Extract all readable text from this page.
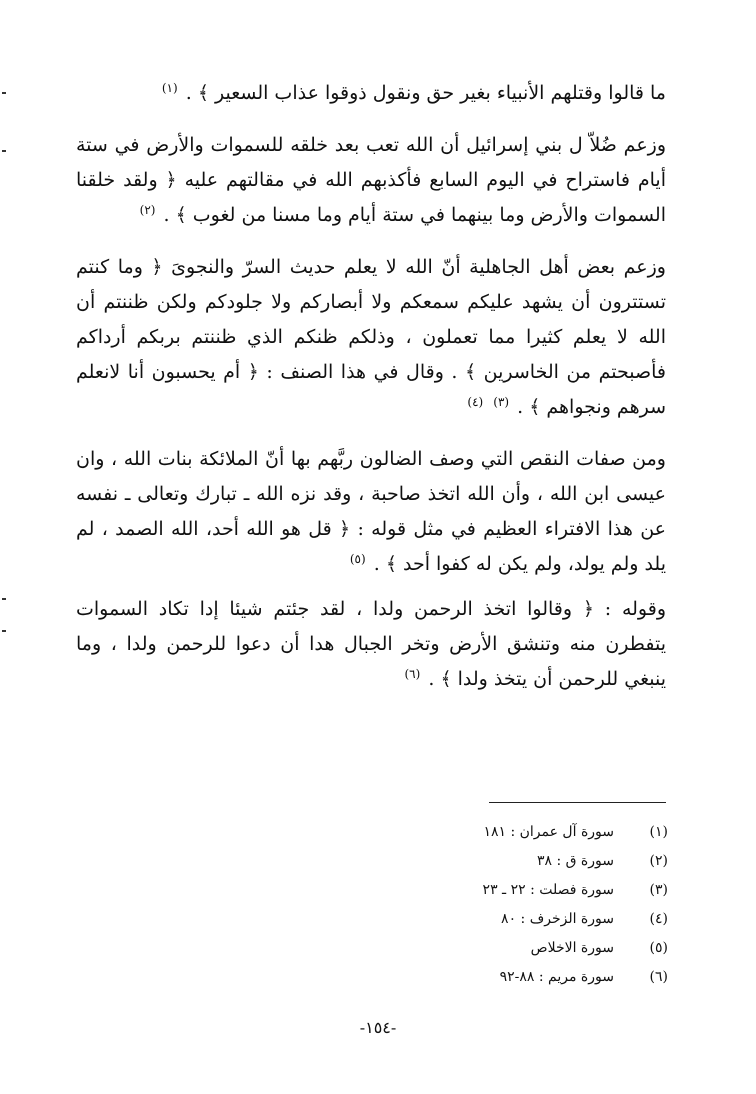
ما قالوا وقتلهم الأنبياء بغير حق ونقول ذوقوا عذاب السعير ﴾ . $^{(١)}$

وزعم ضُلاّ ل بني إسرائيل أن الله تعب بعد خلقه للسموات والأرض في ستة أيام فاستراح في اليوم السابع فأكذبهم الله في مقالتهم عليه ﴿ ولقد خلقنا السموات والأرض وما بينهما في ستة أيام وما مسنا من لغوب ﴾ . $^{(٢)}$

وزعم بعض أهل الجاهلية أنّ الله لا يعلم حديث السرّ والنجوىَ ﴿ وما كنتم تستترون أن يشهد عليكم سمعكم ولا أبصاركم ولا جلودكم ولكن ظننتم أن الله لا يعلم كثيرا مما تعملون ، وذلكم ظنكم الذي ظننتم بربكم أرداكم فأصبحتم من الخاسرين ﴾ . وقال في هذا الصنف : ﴿ أم يحسبون أنا لانعلم سرهم ونجواهم ﴾ . $^{(٣)}$ $^{(٤)}$

ومن صفات النقص التي وصف الضالون ربَّهم بها أنّ الملائكة بنات الله ، وان عيسى ابن الله ، وأن الله اتخذ صاحبة ، وقد نزه الله ـ تبارك وتعالى ـ نفسه عن هذا الافتراء العظيم في مثل قوله : ﴿ قل هو الله أحد، الله الصمد ، لم يلد ولم يولد، ولم يكن له كفوا أحد ﴾ . $^{(٥)}$

وقوله : ﴿ وقالوا اتخذ الرحمن ولدا ، لقد جئتم شيئا إدا تكاد السموات يتفطرن منه وتنشق الأرض وتخر الجبال هدا أن دعوا للرحمن ولدا ، وما ينبغي للرحمن أن يتخذ ولدا ﴾ . $^{(٦)}$

(١)
سورة آل عمران : ١٨١
(٢)
سورة ق : ٣٨
(٣)
سورة فصلت : ٢٢ ـ ٢٣
(٤)
سورة الزخرف : ٨٠
(٥)
سورة الاخلاص
(٦)
سورة مريم : ٨٨-٩٢
-١٥٤-
